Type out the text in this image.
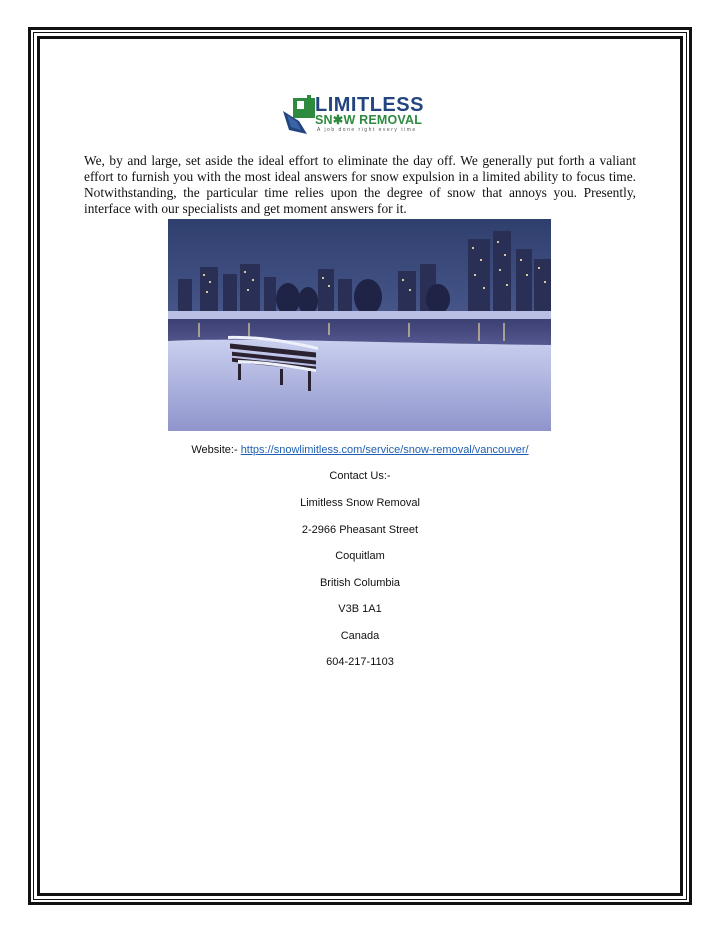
LIMITLESS
SN✱W REMOVAL
A job done right every time

We, by and large, set aside the ideal effort to eliminate the day off. We generally put forth a valiant effort to furnish you with the most ideal answers for snow expulsion in a limited ability to focus time. Notwithstanding, the particular time relies upon the degree of snow that annoys you. Presently, interface with our specialists and get moment answers for it.

Website:- https://snowlimitless.com/service/snow-removal/vancouver/
Contact Us:-
Limitless Snow Removal
2-2966 Pheasant Street
Coquitlam
British Columbia
V3B 1A1
Canada
604-217-1103
